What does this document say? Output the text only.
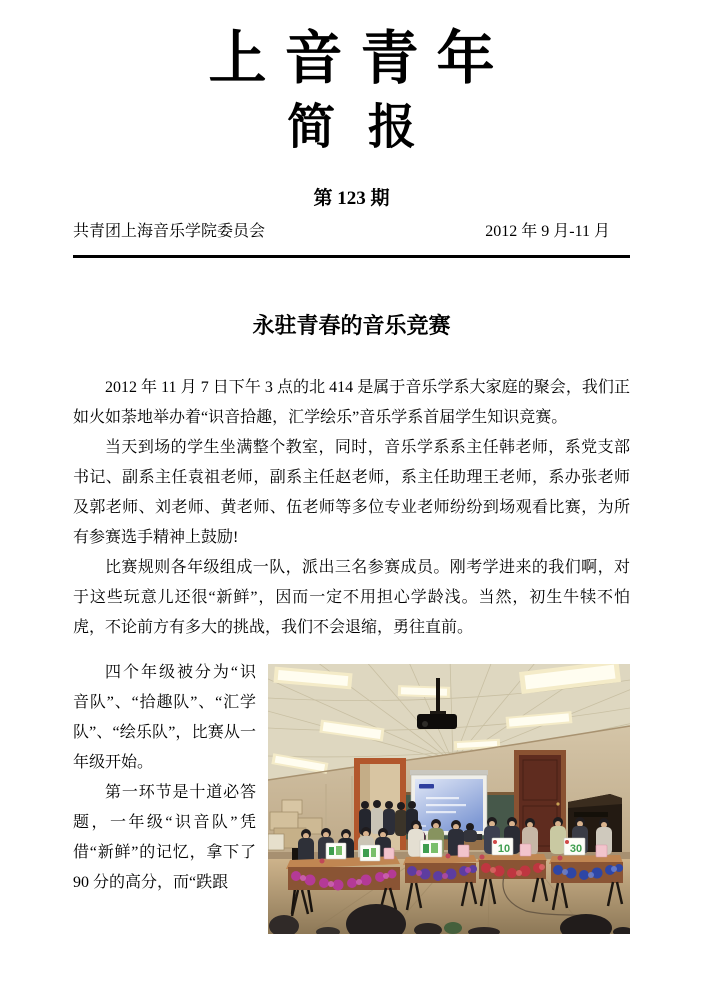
上音青年
简 报
第 123 期
共青团上海音乐学院委员会	2012 年 9 月-11 月
永驻青春的音乐竞赛

2012 年 11 月 7 日下午 3 点的北 414 是属于音乐学系大家庭的聚会，我们正如火如荼地举办着“识音拾趣，汇学绘乐”音乐学系首届学生知识竞赛。

当天到场的学生坐满整个教室，同时，音乐学系系主任韩老师，系党支部书记、副系主任袁祖老师，副系主任赵老师，系主任助理王老师，系办张老师及郭老师、刘老师、黄老师、伍老师等多位专业老师纷纷到场观看比赛，为所有参赛选手精神上鼓励!

比赛规则各年级组成一队，派出三名参赛成员。刚考学进来的我们啊，对于这些玩意儿还很“新鲜”，因而一定不用担心学龄浅。当然，初生牛犊不怕虎，不论前方有多大的挑战，我们不会退缩，勇往直前。

10	30

四个年级被分为“识音队”、“拾趣队”、“汇学队”、“绘乐队”，比赛从一年级开始。

第一环节是十道必答题，一年级“识音队”凭借“新鲜”的记忆，拿下了 90 分的高分，而“跌跟
